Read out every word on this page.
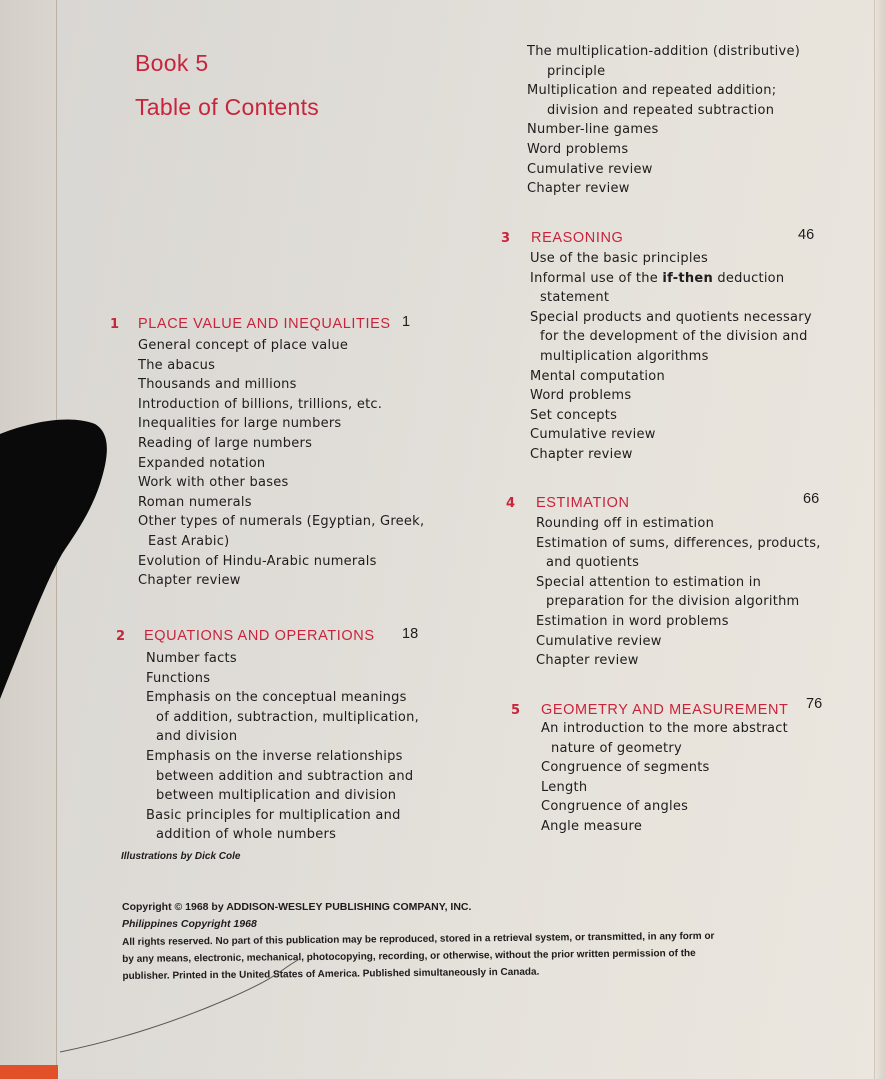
Book 5
Table of Contents
1	PLACE VALUE AND INEQUALITIES 1
General concept of place value
The abacus
Thousands and millions
Introduction of billions, trillions, etc.
Inequalities for large numbers
Reading of large numbers
Expanded notation
Work with other bases
Roman numerals
Other types of numerals (Egyptian, Greek, East Arabic)
Evolution of Hindu-Arabic numerals
Chapter review
2	EQUATIONS AND OPERATIONS 18
Number facts
Functions
Emphasis on the conceptual meanings of addition, subtraction, multiplication, and division
Emphasis on the inverse relationships between addition and subtraction and between multiplication and division
Basic principles for multiplication and addition of whole numbers
The multiplication-addition (distributive)
principle
Multiplication and repeated addition;
division and repeated subtraction
Number-line games
Word problems
Cumulative review
Chapter review
3	REASONING	46
Use of the basic principles
Informal use of the if-then deduction statement
Special products and quotients necessary for the development of the division and multiplication algorithms
Mental computation
Word problems
Set concepts
Cumulative review
Chapter review
4	ESTIMATION	66
Rounding off in estimation
Estimation of sums, differences, products, and quotients
Special attention to estimation in preparation for the division algorithm
Estimation in word problems
Cumulative review
Chapter review
5	GEOMETRY AND MEASUREMENT 76
An introduction to the more abstract nature of geometry
Congruence of segments
Length
Congruence of angles
Angle measure
Illustrations by Dick Cole
Copyright © 1968 by ADDISON-WESLEY PUBLISHING COMPANY, INC.
Philippines Copyright 1968
All rights reserved. No part of this publication may be reproduced, stored in a retrieval system, or transmitted, in any form or by any means, electronic, mechanical, photocopying, recording, or otherwise, without the prior written permission of the publisher. Printed in the United States of America. Published simultaneously in Canada.
